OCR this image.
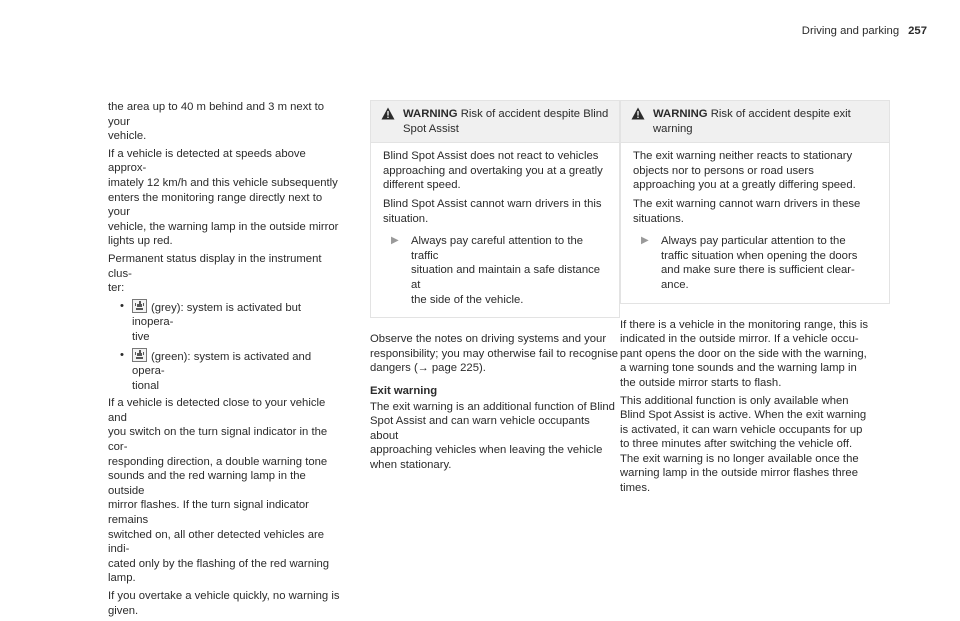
Driving and parking 257

the area up to 40 m behind and 3 m next to your
vehicle.

If a vehicle is detected at speeds above approx-
imately 12 km/h and this vehicle subsequently
enters the monitoring range directly next to your
vehicle, the warning lamp in the outside mirror
lights up red.

Permanent status display in the instrument clus-
ter:

•	(grey): system is activated but inopera-
tive
•	(green): system is activated and opera-
tional

If a vehicle is detected close to your vehicle and
you switch on the turn signal indicator in the cor-
responding direction, a double warning tone
sounds and the red warning lamp in the outside
mirror flashes. If the turn signal indicator remains
switched on, all other detected vehicles are indi-
cated only by the flashing of the red warning
lamp.

If you overtake a vehicle quickly, no warning is
given.

WARNING Risk of accident despite Blind
Spot Assist

Blind Spot Assist does not react to vehicles
approaching and overtaking you at a greatly
different speed.

Blind Spot Assist cannot warn drivers in this
situation.

▶	Always pay careful attention to the traffic
situation and maintain a safe distance at
the side of the vehicle.

Observe the notes on driving systems and your
responsibility; you may otherwise fail to recognise
dangers (→ page 225).

Exit warning

The exit warning is an additional function of Blind
Spot Assist and can warn vehicle occupants about
approaching vehicles when leaving the vehicle
when stationary.

WARNING Risk of accident despite exit
warning

The exit warning neither reacts to stationary
objects nor to persons or road users
approaching you at a greatly differing speed.

The exit warning cannot warn drivers in these
situations.

▶	Always pay particular attention to the
traffic situation when opening the doors
and make sure there is sufficient clear-
ance.

If there is a vehicle in the monitoring range, this is
indicated in the outside mirror. If a vehicle occu-
pant opens the door on the side with the warning,
a warning tone sounds and the warning lamp in
the outside mirror starts to flash.

This additional function is only available when
Blind Spot Assist is active. When the exit warning
is activated, it can warn vehicle occupants for up
to three minutes after switching the vehicle off.
The exit warning is no longer available once the
warning lamp in the outside mirror flashes three
times.
